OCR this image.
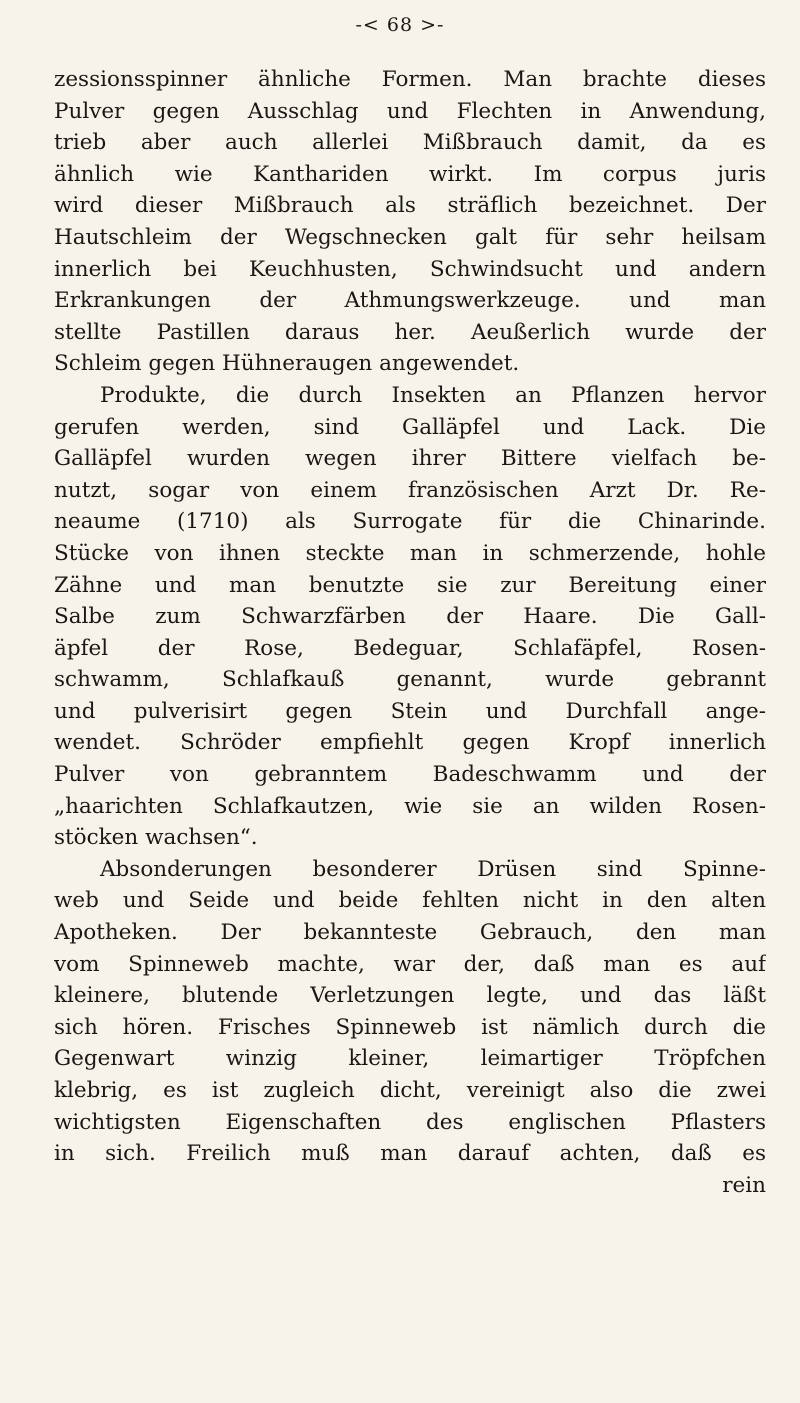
-< 68 >-
zessionsspinner ähnliche Formen. Man brachte dieses
Pulver gegen Ausschlag und Flechten in Anwendung,
trieb aber auch allerlei Mißbrauch damit, da es
ähnlich wie Kanthariden wirkt. Im corpus juris
wird dieser Mißbrauch als sträflich bezeichnet. Der
Hautschleim der Wegschnecken galt für sehr heilsam
innerlich bei Keuchhusten, Schwindsucht und andern
Erkrankungen der Athmungswerkzeuge. und man
stellte Pastillen daraus her. Aeußerlich wurde der
Schleim gegen Hühneraugen angewendet.
Produkte, die durch Insekten an Pflanzen hervor
gerufen werden, sind Galläpfel und Lack. Die
Galläpfel wurden wegen ihrer Bittere vielfach be-
nutzt, sogar von einem französischen Arzt Dr. Re-
neaume (1710) als Surrogate für die Chinarinde.
Stücke von ihnen steckte man in schmerzende, hohle
Zähne und man benutzte sie zur Bereitung einer
Salbe zum Schwarzfärben der Haare. Die Gall-
äpfel der Rose, Bedeguar, Schlafäpfel, Rosen-
schwamm, Schlafkauß genannt, wurde gebrannt
und pulverisirt gegen Stein und Durchfall ange-
wendet. Schröder empfiehlt gegen Kropf innerlich
Pulver von gebranntem Badeschwamm und der
„haarichten Schlafkautzen, wie sie an wilden Rosen-
stöcken wachsen“.
Absonderungen besonderer Drüsen sind Spinne-
web und Seide und beide fehlten nicht in den alten
Apotheken. Der bekannteste Gebrauch, den man
vom Spinneweb machte, war der, daß man es auf
kleinere, blutende Verletzungen legte, und das läßt
sich hören. Frisches Spinneweb ist nämlich durch die
Gegenwart winzig kleiner, leimartiger Tröpfchen
klebrig, es ist zugleich dicht, vereinigt also die zwei
wichtigsten Eigenschaften des englischen Pflasters
in sich. Freilich muß man darauf achten, daß es
rein
